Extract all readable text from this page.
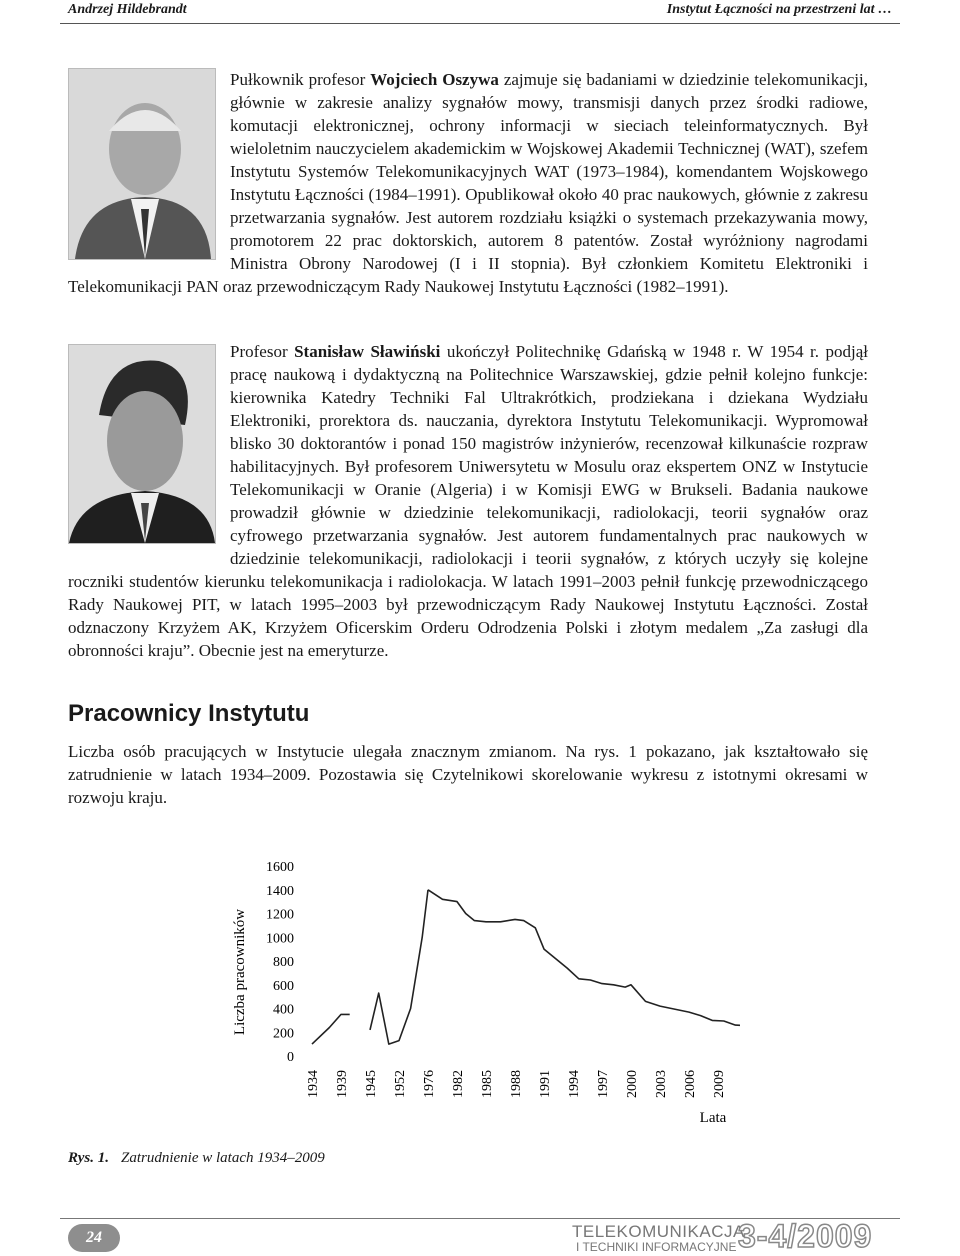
Andrzej Hildebrandt	Instytut Łączności na przestrzeni lat …
Pułkownik profesor Wojciech Oszywa zajmuje się badaniami w dziedzinie telekomunikacji, głównie w zakresie analizy sygnałów mowy, transmisji danych przez środki radiowe, komutacji elektronicznej, ochrony informacji w sieciach teleinformatycznych. Był wieloletnim nauczycielem akademickim w Wojskowej Akademii Technicznej (WAT), szefem Instytutu Systemów Telekomunikacyjnych WAT (1973–1984), komendantem Wojskowego Instytutu Łączności (1984–1991). Opublikował około 40 prac naukowych, głównie z zakresu przetwarzania sygnałów. Jest autorem rozdziału książki o systemach przekazywania mowy, promotorem 22 prac doktorskich, autorem 8 patentów. Został wyróżniony nagrodami Ministra Obrony Narodowej (I i II stopnia). Był członkiem Komitetu Elektroniki i Telekomunikacji PAN oraz przewodniczącym Rady Naukowej Instytutu Łączności (1982–1991).
Profesor Stanisław Sławiński ukończył Politechnikę Gdańską w 1948 r. W 1954 r. podjął pracę naukową i dydaktyczną na Politechnice Warszawskiej, gdzie pełnił kolejno funkcje: kierownika Katedry Techniki Fal Ultrakrótkich, prodziekana i dziekana Wydziału Elektroniki, prorektora ds. nauczania, dyrektora Instytutu Telekomunikacji. Wypromował blisko 30 doktorantów i ponad 150 magistrów inżynierów, recenzował kilkunaście rozpraw habilitacyjnych. Był profesorem Uniwersytetu w Mosulu oraz ekspertem ONZ w Instytucie Telekomunikacji w Oranie (Algeria) i w Komisji EWG w Brukseli. Badania naukowe prowadził głównie w dziedzinie telekomunikacji, radiolokacji, teorii sygnałów oraz cyfrowego przetwarzania sygnałów. Jest autorem fundamentalnych prac naukowych w dziedzinie telekomunikacji, radiolokacji i teorii sygnałów, z których uczyły się kolejne roczniki studentów kierunku telekomunikacja i radiolokacja. W latach 1991–2003 pełnił funkcję przewodniczącego Rady Naukowej PIT, w latach 1995–2003 był przewodniczącym Rady Naukowej Instytutu Łączności. Został odznaczony Krzyżem AK, Krzyżem Oficerskim Orderu Odrodzenia Polski i złotym medalem „Za zasługi dla obronności kraju”. Obecnie jest na emeryturze.
Pracownicy Instytutu
Liczba osób pracujących w Instytucie ulegała znacznym zmianom. Na rys. 1 pokazano, jak kształtowało się zatrudnienie w latach 1934–2009. Pozostawia się Czytelnikowi skorelowanie wykresu z istotnymi okresami w rozwoju kraju.
Liczba pracowników
Lata
0
200
400
600
800
1000
1200
1400
1600
1934 1939 1945 1952 1976 1982 1985 1988 1991 1994 1997 2000 2003 2006 2009
Rys. 1. Zatrudnienie w latach 1934–2009
24	TELEKOMUNIKACJA
I TECHNIKI INFORMACYJNE 3-4/2009
